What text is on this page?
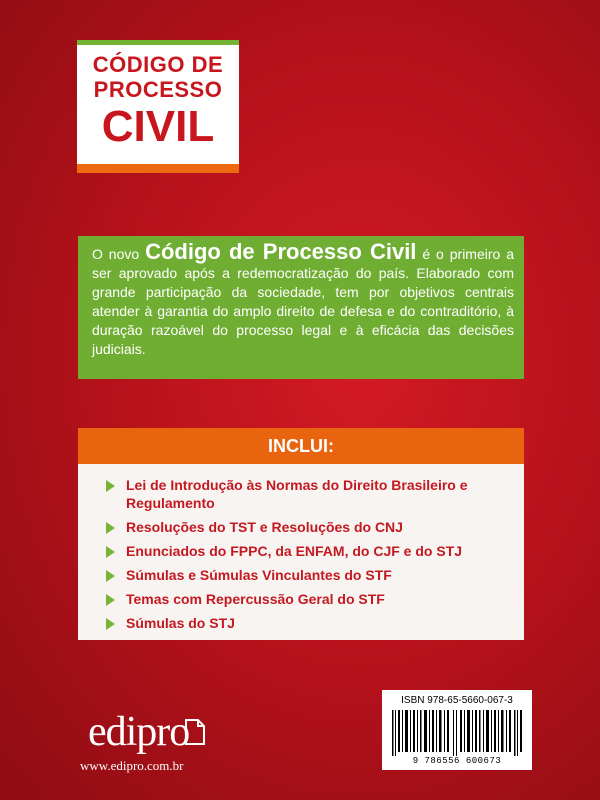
CÓDIGO DE
PROCESSO
CIVIL
O novo Código de Processo Civil é o primeiro a ser aprovado após a redemocratização do país. Elaborado com grande participação da sociedade, tem por objetivos centrais atender à garantia do amplo direito de defesa e do contraditório, à duração razoável do processo legal e à eficácia das decisões judiciais.
INCLUI:
Lei de Introdução às Normas do Direito Brasileiro e Regulamento
Resoluções do TST e Resoluções do CNJ
Enunciados do FPPC, da ENFAM, do CJF e do STJ
Súmulas e Súmulas Vinculantes do STF
Temas com Repercussão Geral do STF
Súmulas do STJ
edipro
www.edipro.com.br
ISBN 978-65-5660-067-3
9 786556 600673
